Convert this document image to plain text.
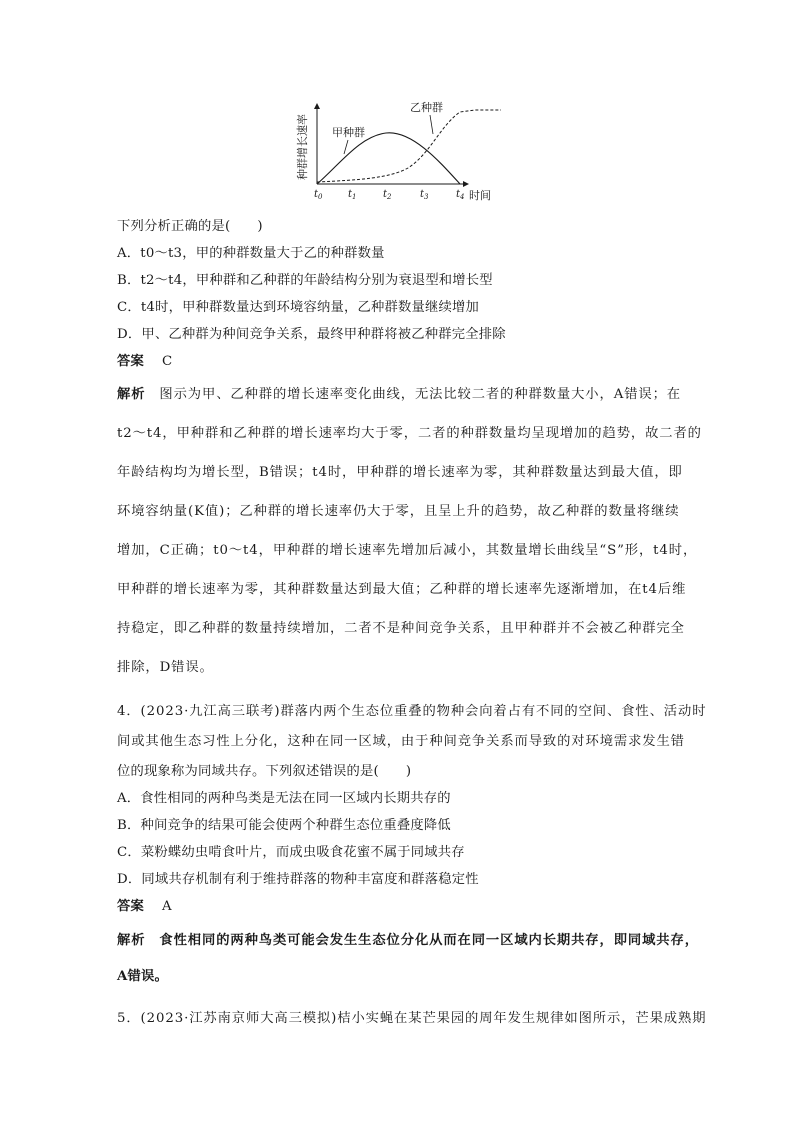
种群增长速率
时间
甲种群
乙种群
$t_0$	$t_1$	$t_2$	$t_3$	$t_4$
下列分析正确的是(　　)
A．t0～t3，甲的种群数量大于乙的种群数量
B．t2～t4，甲种群和乙种群的年龄结构分别为衰退型和增长型
C．t4时，甲种群数量达到环境容纳量，乙种群数量继续增加
D．甲、乙种群为种间竞争关系，最终甲种群将被乙种群完全排除
答案 C
解析 图示为甲、乙种群的增长速率变化曲线，无法比较二者的种群数量大小，A错误；在
t2～t4，甲种群和乙种群的增长速率均大于零，二者的种群数量均呈现增加的趋势，故二者的
年龄结构均为增长型，B错误；t4时，甲种群的增长速率为零，其种群数量达到最大值，即
环境容纳量(K值)；乙种群的增长速率仍大于零，且呈上升的趋势，故乙种群的数量将继续
增加，C正确；t0～t4，甲种群的增长速率先增加后减小，其数量增长曲线呈“S”形，t4时，
甲种群的增长速率为零，其种群数量达到最大值；乙种群的增长速率先逐渐增加，在t4后维
持稳定，即乙种群的数量持续增加，二者不是种间竞争关系，且甲种群并不会被乙种群完全
排除，D错误。
4．(2023·九江高三联考)群落内两个生态位重叠的物种会向着占有不同的空间、食性、活动时
间或其他生态习性上分化，这种在同一区域，由于种间竞争关系而导致的对环境需求发生错
位的现象称为同域共存。下列叙述错误的是(　　)
A．食性相同的两种鸟类是无法在同一区域内长期共存的
B．种间竞争的结果可能会使两个种群生态位重叠度降低
C．菜粉蝶幼虫啃食叶片，而成虫吸食花蜜不属于同域共存
D．同域共存机制有利于维持群落的物种丰富度和群落稳定性
答案 A
解析 食性相同的两种鸟类可能会发生生态位分化从而在同一区域内长期共存，即同域共存，
A错误。
5．(2023·江苏南京师大高三模拟)桔小实蝇在某芒果园的周年发生规律如图所示，芒果成熟期
